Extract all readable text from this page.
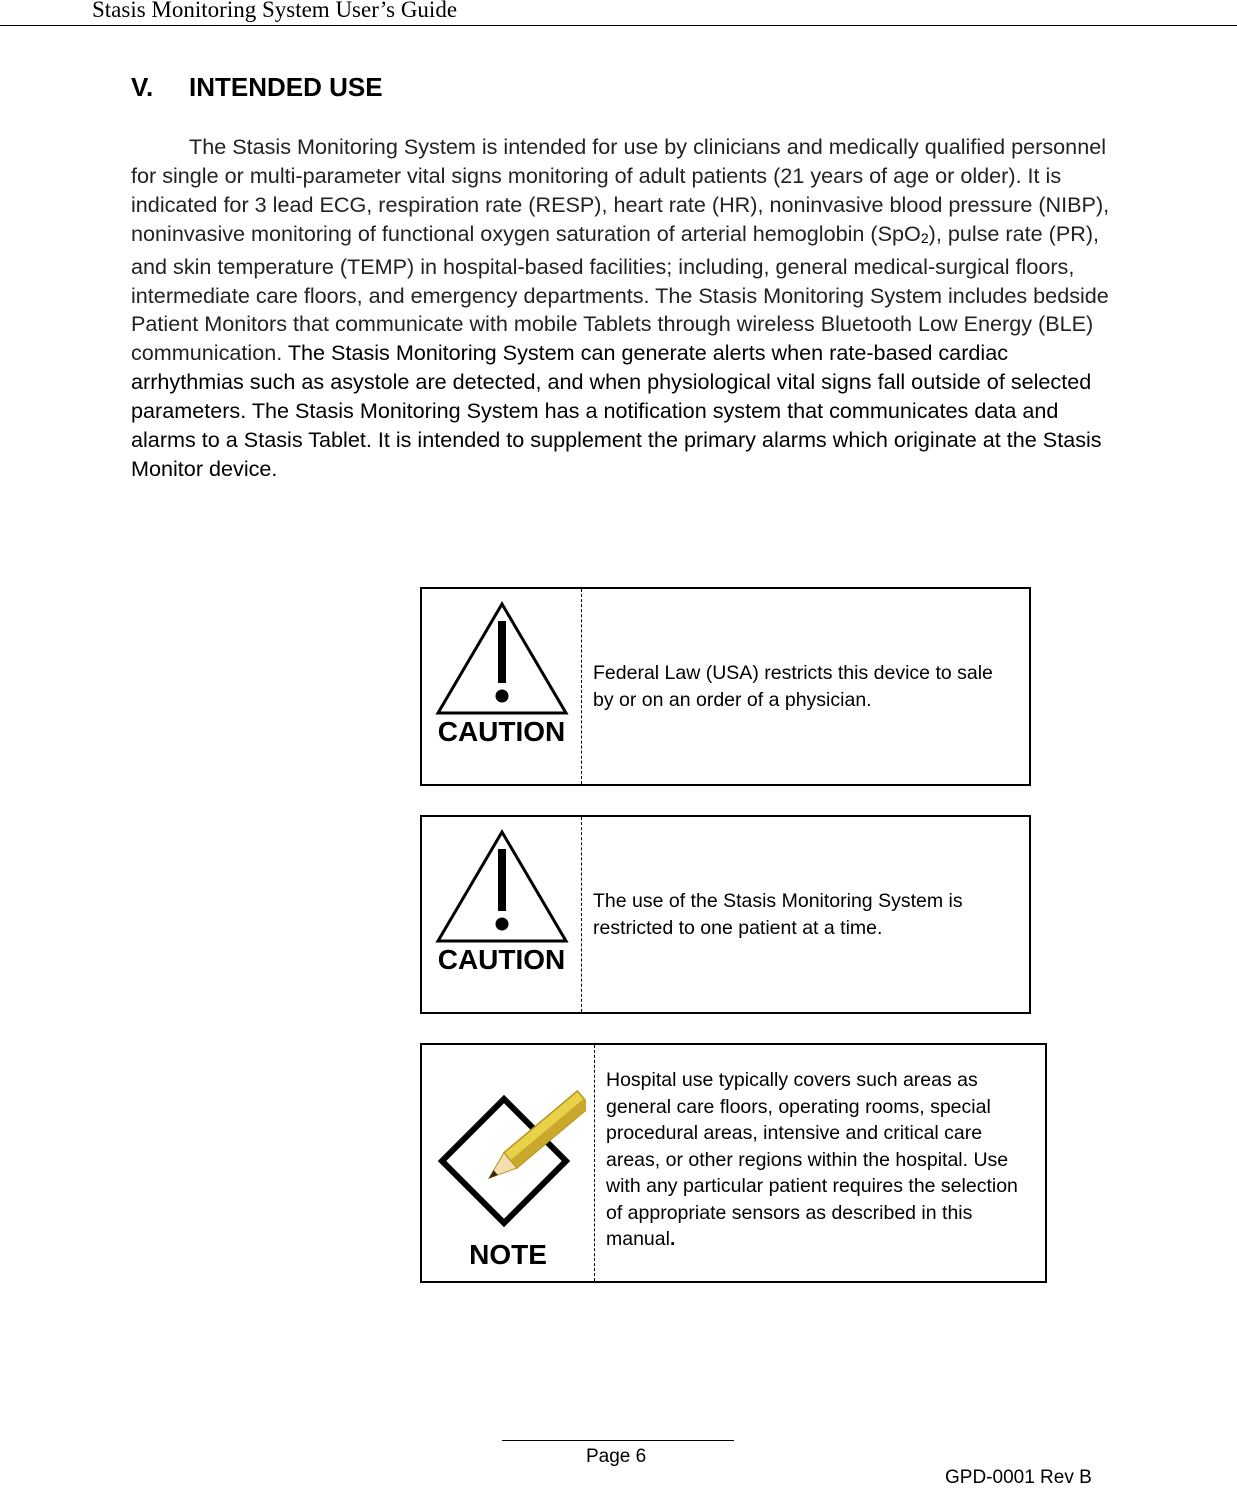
Stasis Monitoring System User’s Guide
V. INTENDED USE

The Stasis Monitoring System is intended for use by clinicians and medically qualified personnel for single or multi-parameter vital signs monitoring of adult patients (21 years of age or older). It is indicated for 3 lead ECG, respiration rate (RESP), heart rate (HR), noninvasive blood pressure (NIBP), noninvasive monitoring of functional oxygen saturation of arterial hemoglobin (SpO$_2$), pulse rate (PR), and skin temperature (TEMP) in hospital-based facilities; including, general medical-surgical floors, intermediate care floors, and emergency departments. The Stasis Monitoring System includes bedside Patient Monitors that communicate with mobile Tablets through wireless Bluetooth Low Energy (BLE) communication. The Stasis Monitoring System can generate alerts when rate-based cardiac arrhythmias such as asystole are detected, and when physiological vital signs fall outside of selected parameters. The Stasis Monitoring System has a notification system that communicates data and alarms to a Stasis Tablet. It is intended to supplement the primary alarms which originate at the Stasis Monitor device.

CAUTION
Federal Law (USA) restricts this device to sale by or on an order of a physician.
CAUTION
The use of the Stasis Monitoring System is restricted to one patient at a time.
NOTE
Hospital use typically covers such areas as general care floors, operating rooms, special procedural areas, intensive and critical care areas, or other regions within the hospital. Use with any particular patient requires the selection of appropriate sensors as described in this manual.
Page 6
GPD-0001 Rev B
